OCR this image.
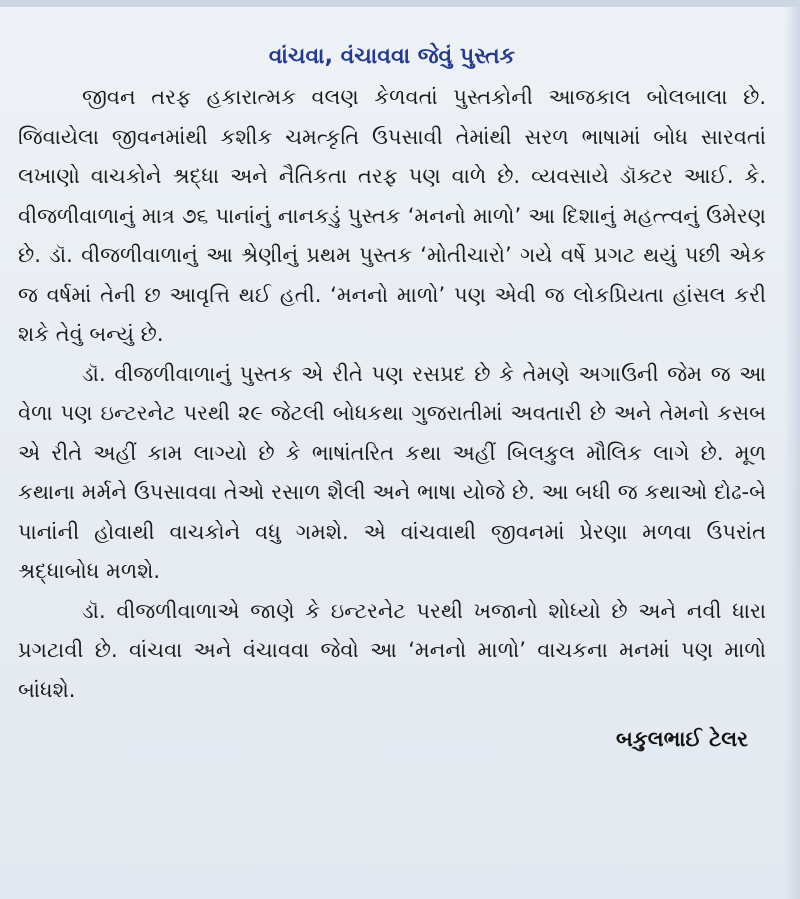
વાંચવા, વંચાવવા જેવું પુસ્તક

જીવન તરફ હકારાત્મક વલણ કેળવતાં પુસ્તકોની આજકાલ બોલબાલા છે. જિવાયેલા જીવનમાંથી કશીક ચમત્કૃતિ ઉપસાવી તેમાંથી સરળ ભાષામાં બોધ સારવતાં લખાણો વાચકોને શ્રદ્ધા અને નૈતિકતા તરફ પણ વાળે છે. વ્યવસાયે ડૉક્ટર આઈ. કે. વીજળીવાળાનું માત્ર ૭૬ પાનાંનું નાનકડું પુસ્તક ‘મનનો માળો’ આ દિશાનું મહત્ત્વનું ઉમેરણ છે. ડૉ. વીજળીવાળાનું આ શ્રેણીનું પ્રથમ પુસ્તક ‘મોતીચારો’ ગયે વર્ષે પ્રગટ થયું પછી એક જ વર્ષમાં તેની છ આવૃત્તિ થઈ હતી. ‘મનનો માળો’ પણ એવી જ લોકપ્રિયતા હાંસલ કરી શકે તેવું બન્યું છે.

ડૉ. વીજળીવાળાનું પુસ્તક એ રીતે પણ રસપ્રદ છે કે તેમણે અગાઉની જેમ જ આ વેળા પણ ઇન્ટરનેટ પરથી ૨૯ જેટલી બોધકથા ગુજરાતીમાં અવતારી છે અને તેમનો કસબ એ રીતે અહીં કામ લાગ્યો છે કે ભાષાંતરિત કથા અહીં બિલકુલ મૌલિક લાગે છે. મૂળ કથાના મર્મને ઉપસાવવા તેઓ રસાળ શૈલી અને ભાષા યોજે છે. આ બધી જ કથાઓ દોઢ-બે પાનાંની હોવાથી વાચકોને વધુ ગમશે. એ વાંચવાથી જીવનમાં પ્રેરણા મળવા ઉપરાંત શ્રદ્ધાબોધ મળશે.

ડૉ. વીજળીવાળાએ જાણે કે ઇન્ટરનેટ પરથી ખજાનો શોધ્યો છે અને નવી ધારા પ્રગટાવી છે. વાંચવા અને વંચાવવા જેવો આ ‘મનનો માળો’ વાચકના મનમાં પણ માળો બાંધશે.

બકુલભાઈ ટેલર
